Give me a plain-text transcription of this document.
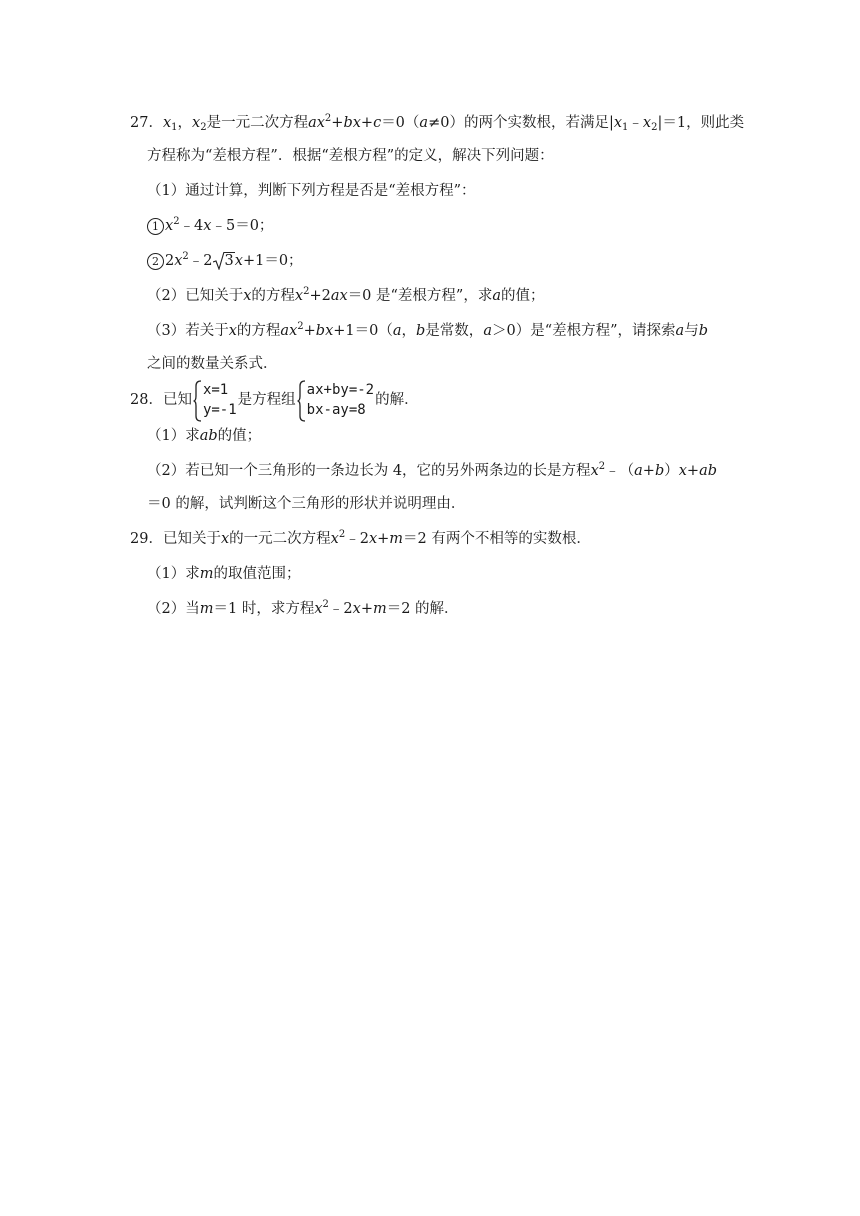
27．$x_1$，$x_2$是一元二次方程$ax^2+bx+c=0(a\ne 0)$的两个实数根，若满足$|x_1﹣x_2|=1$，则此类
方程称为“差根方程”．根据“差根方程”的定义，解决下列问题：
（1）通过计算，判断下列方程是否是“差根方程”：
1 $x^2﹣4x﹣5=0$；
2 $2x^2﹣2$ 3x+1＝0；
（2）已知关于x的方程$x^2+2ax=0$ 是“差根方程”，求a的值；
（3）若关于x的方程$ax^2+bx+1=0(a$，b是常数，a＞0）是“差根方程”，请探索a与b
之间的数量关系式．
28．已知
x=1
y=-1
是方程组
ax+by=-2
bx-ay=8
的解．
（1）求ab的值；
（2）若已知一个三角形的一条边长为 4，它的另外两条边的长是方程$x^2﹣(a+b)x+ab$
＝0 的解，试判断这个三角形的形状并说明理由．
29．已知关于x的一元二次方程$x^2﹣2x+m=2$ 有两个不相等的实数根．
（1）求m的取值范围；
（2）当m＝1 时，求方程$x^2﹣2x+m=2$ 的解．
